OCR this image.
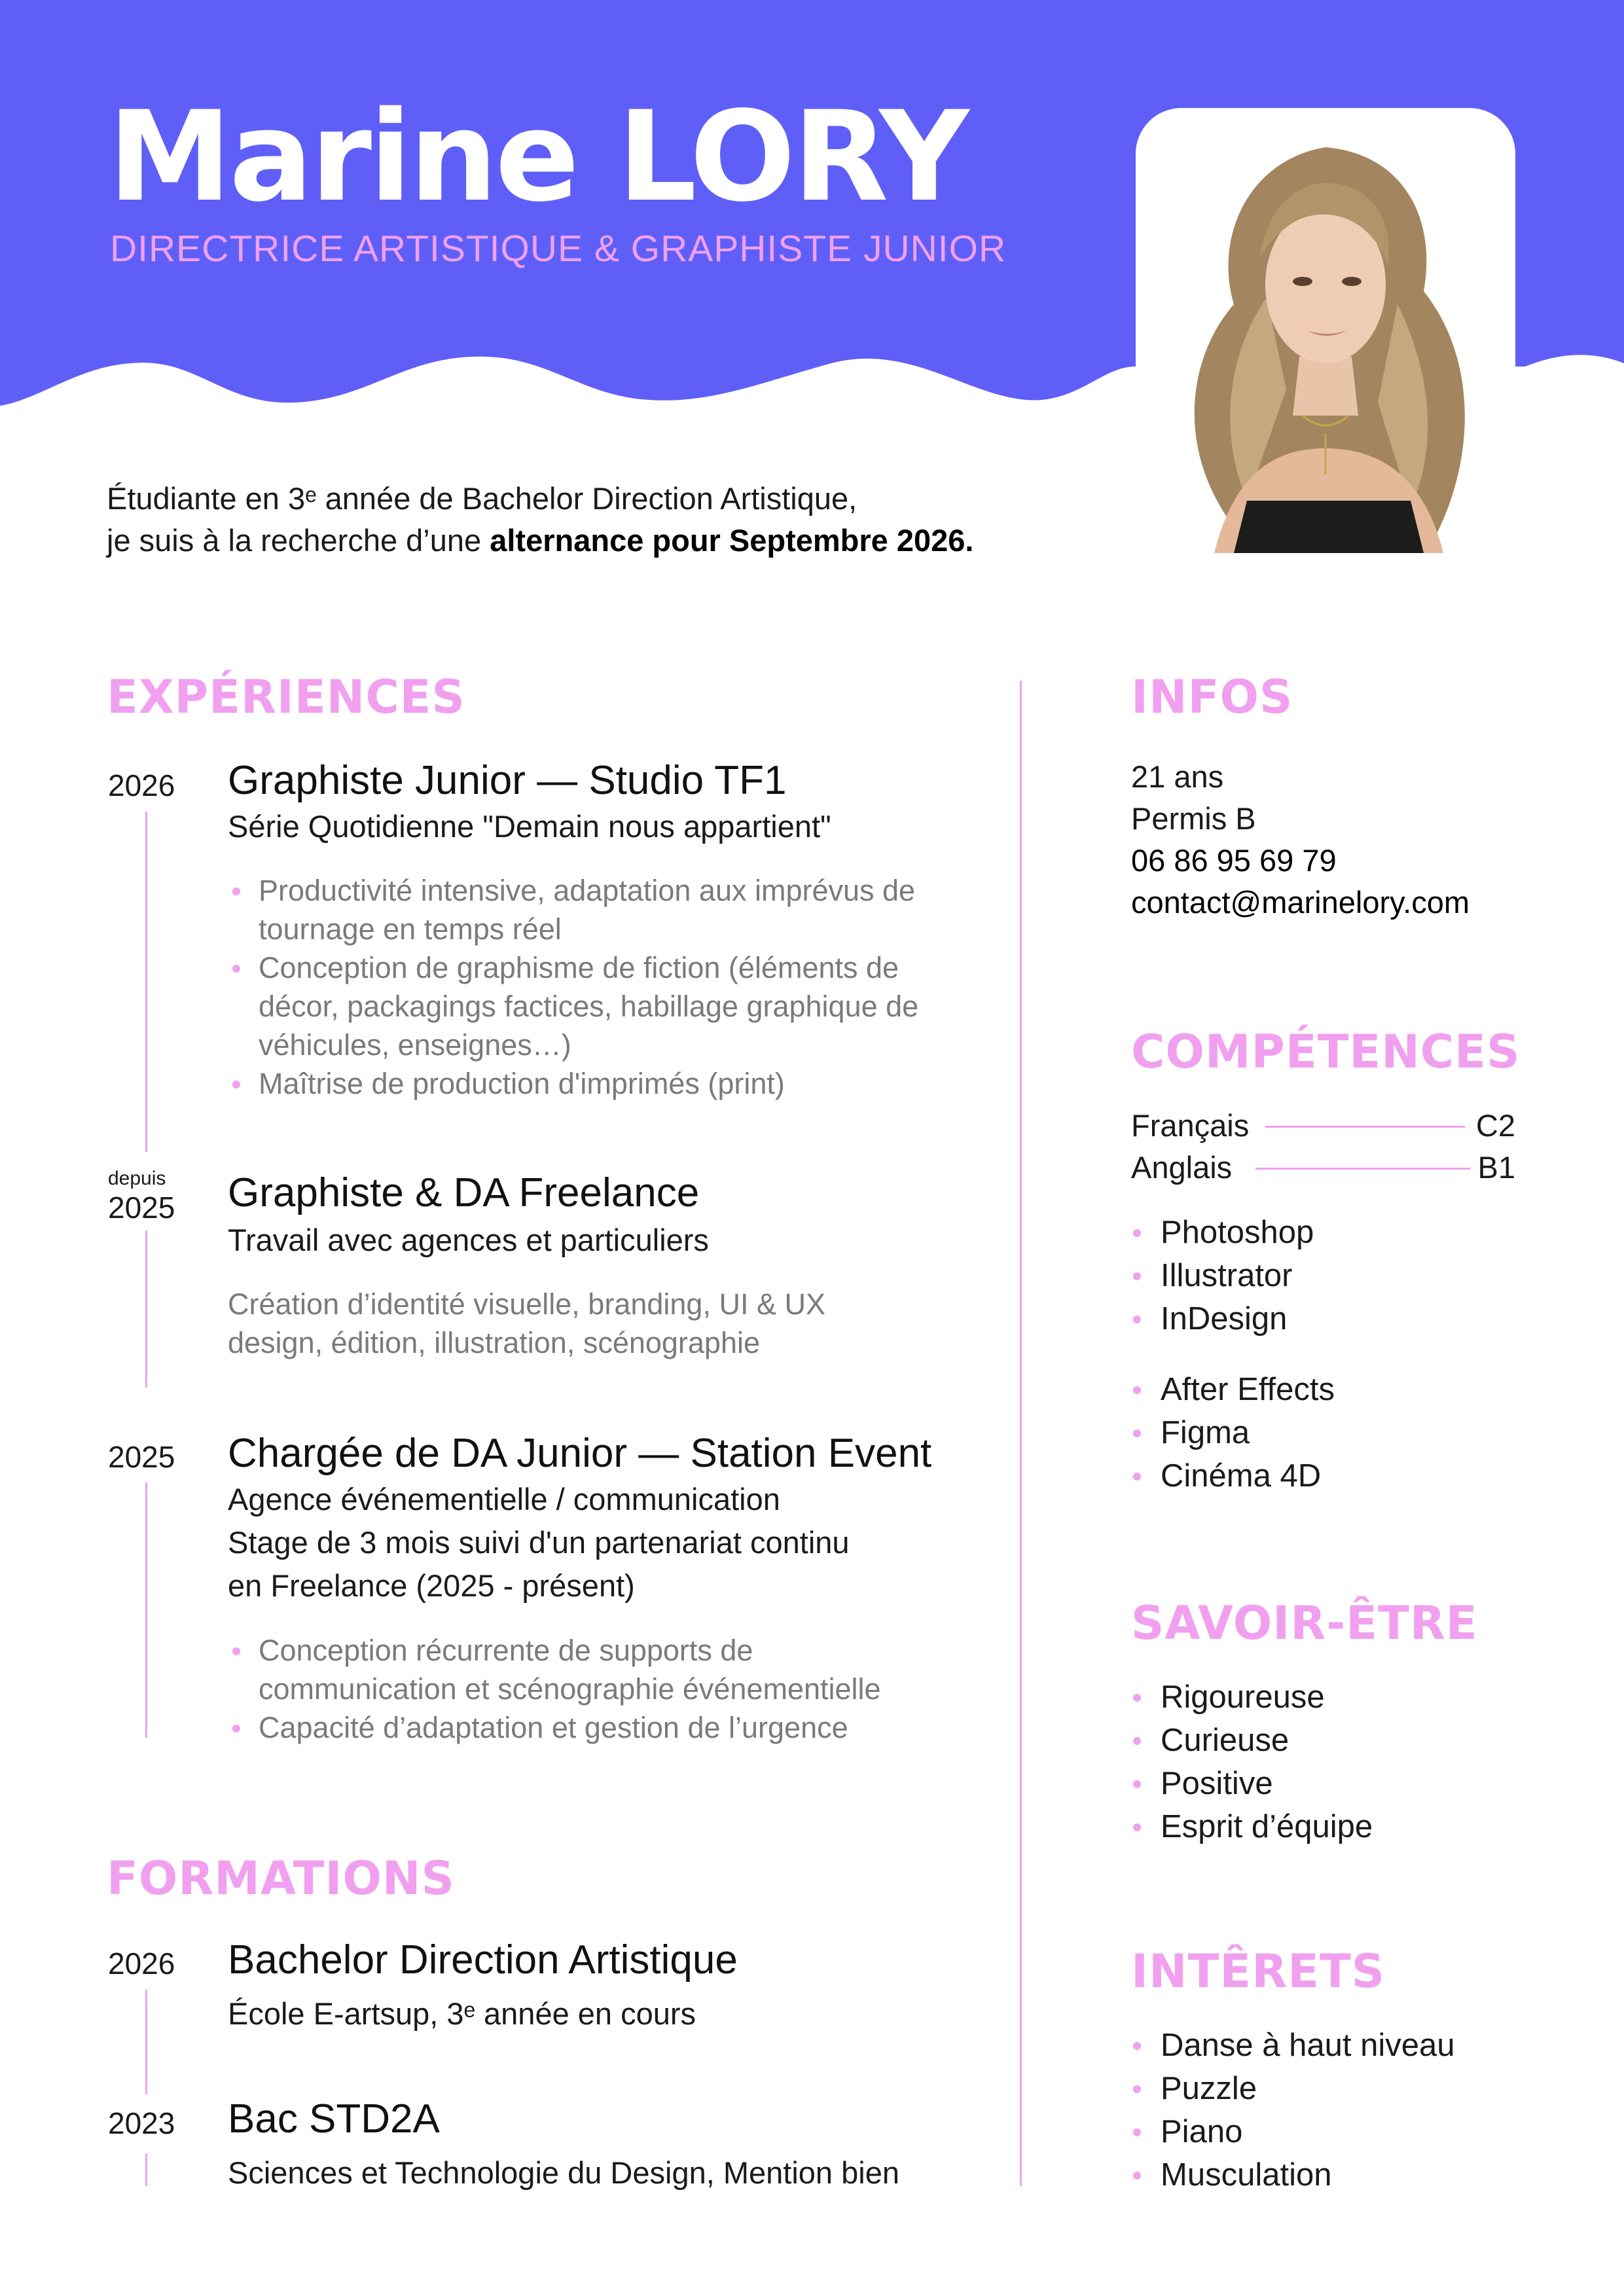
Marine LORY
DIRECTRICE ARTISTIQUE & GRAPHISTE JUNIOR
Étudiante en 3ᵉ année de Bachelor Direction Artistique,
je suis à la recherche d’une alternance pour Septembre 2026.
EXPÉRIENCES
2026	Graphiste Junior — Studio TF1
Série Quotidienne "Demain nous appartient"
Productivité intensive, adaptation aux imprévus de tournage en temps réel
Conception de graphisme de fiction (éléments de décor, packagings factices, habillage graphique de véhicules, enseignes…)
Maîtrise de production d'imprimés (print)
depuis
2025	Graphiste & DA Freelance
Travail avec agences et particuliers
Création d’identité visuelle, branding, UI & UX design, édition, illustration, scénographie
2025	Chargée de DA Junior — Station Event
Agence événementielle / communication
Stage de 3 mois suivi d'un partenariat continu
en Freelance (2025 - présent)
Conception récurrente de supports de communication et scénographie événementielle
Capacité d’adaptation et gestion de l’urgence
FORMATIONS
2026	Bachelor Direction Artistique
École E-artsup, 3ᵉ année en cours
2023	Bac STD2A
Sciences et Technologie du Design, Mention bien
INFOS
21 ans
Permis B
06 86 95 69 79
contact@marinelory.com
COMPÉTENCES
Français	C2
Anglais	B1
Photoshop
Illustrator
InDesign
After Effects
Figma
Cinéma 4D
SAVOIR-ÊTRE
Rigoureuse
Curieuse
Positive
Esprit d’équipe
INTÊRETS
Danse à haut niveau
Puzzle
Piano
Musculation
